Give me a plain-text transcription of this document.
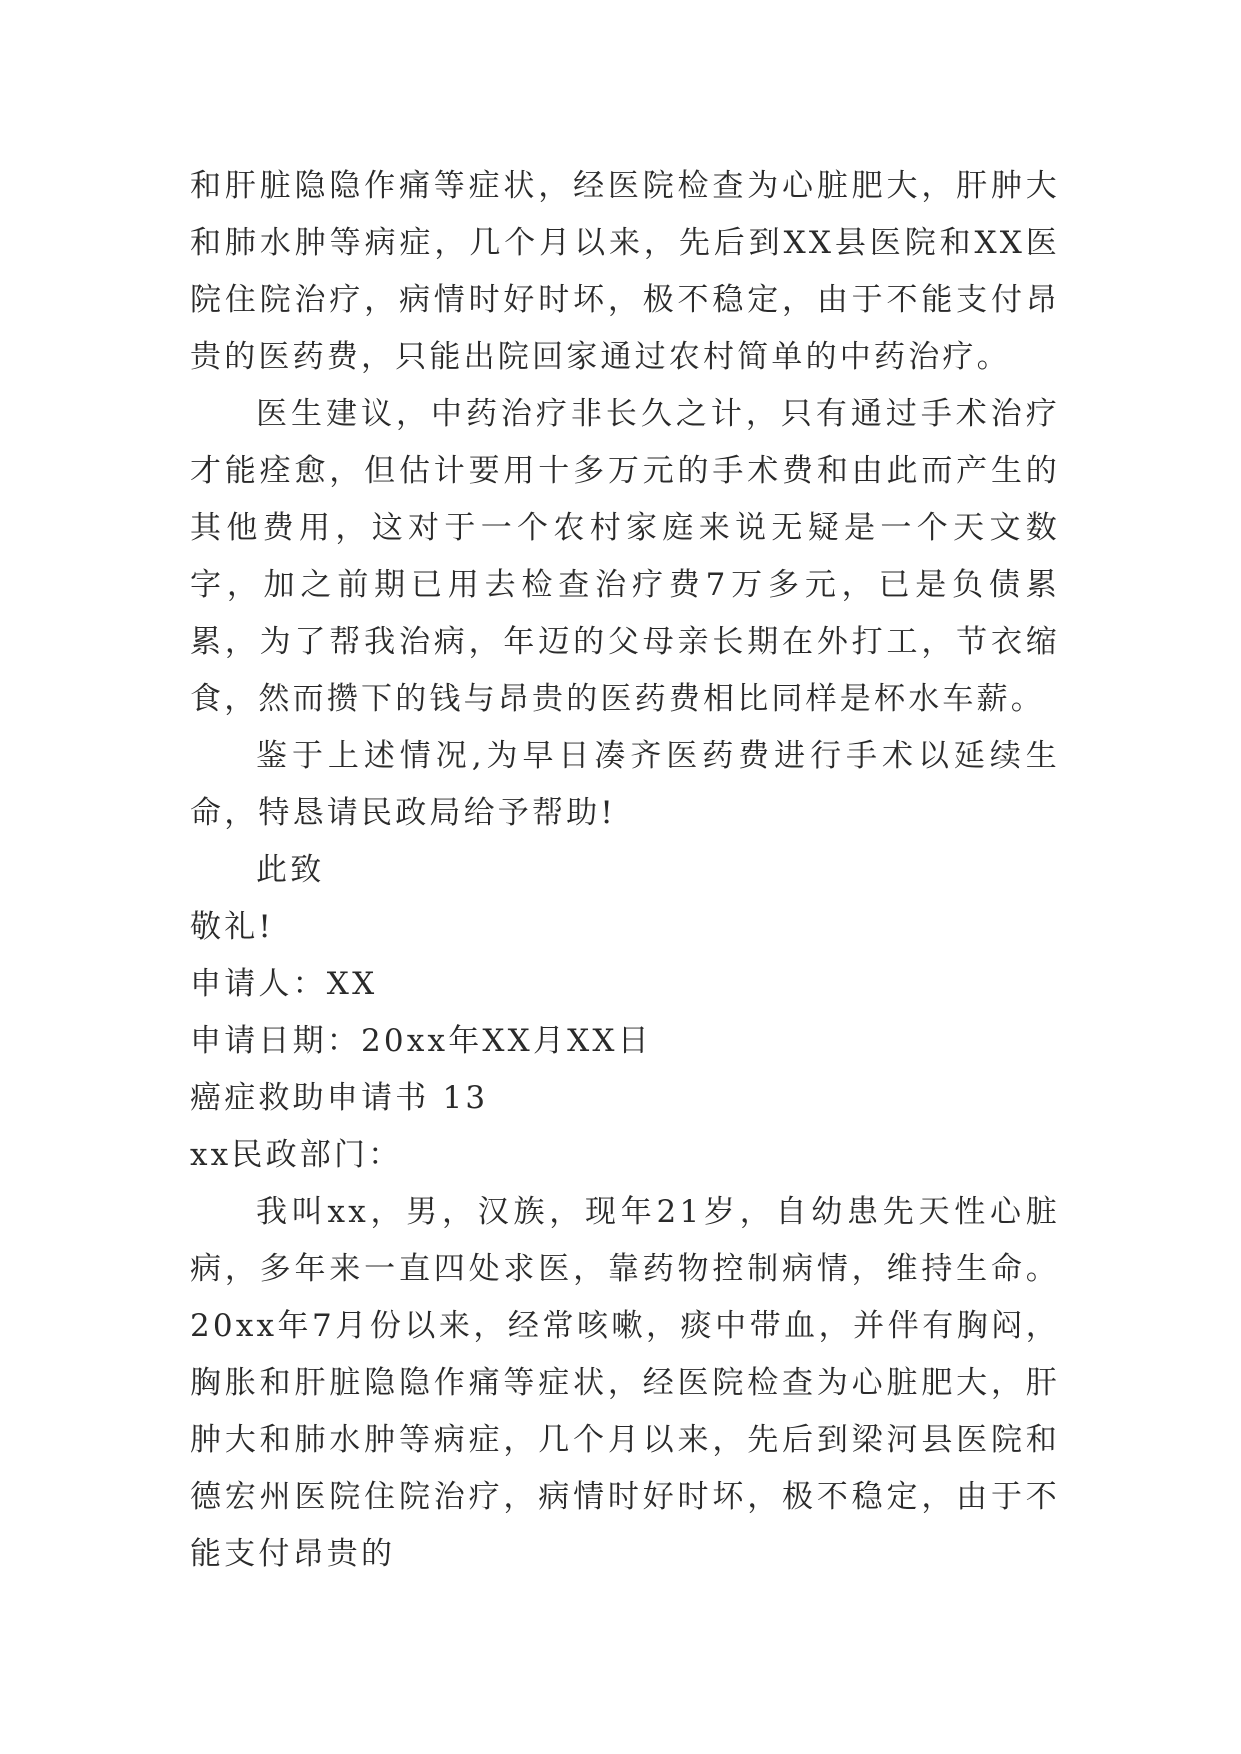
和肝脏隐隐作痛等症状，经医院检查为心脏肥大，肝肿大和肺水肿等病症，几个月以来，先后到XX县医院和XX医院住院治疗，病情时好时坏，极不稳定，由于不能支付昂贵的医药费，只能出院回家通过农村简单的中药治疗。

医生建议，中药治疗非长久之计，只有通过手术治疗才能痊愈，但估计要用十多万元的手术费和由此而产生的其他费用，这对于一个农村家庭来说无疑是一个天文数字，加之前期已用去检查治疗费7万多元，已是负债累累，为了帮我治病，年迈的父母亲长期在外打工，节衣缩食，然而攒下的钱与昂贵的医药费相比同样是杯水车薪。

鉴于上述情况,为早日凑齐医药费进行手术以延续生命，特恳请民政局给予帮助!

此致

敬礼!

申请人：XX

申请日期：20xx年XX月XX日

癌症救助申请书 13

xx民政部门：

我叫xx，男，汉族，现年21岁，自幼患先天性心脏病，多年来一直四处求医，靠药物控制病情，维持生命。20xx年7月份以来，经常咳嗽，痰中带血，并伴有胸闷，胸胀和肝脏隐隐作痛等症状，经医院检查为心脏肥大，肝肿大和肺水肿等病症，几个月以来，先后到梁河县医院和德宏州医院住院治疗，病情时好时坏，极不稳定，由于不能支付昂贵的
